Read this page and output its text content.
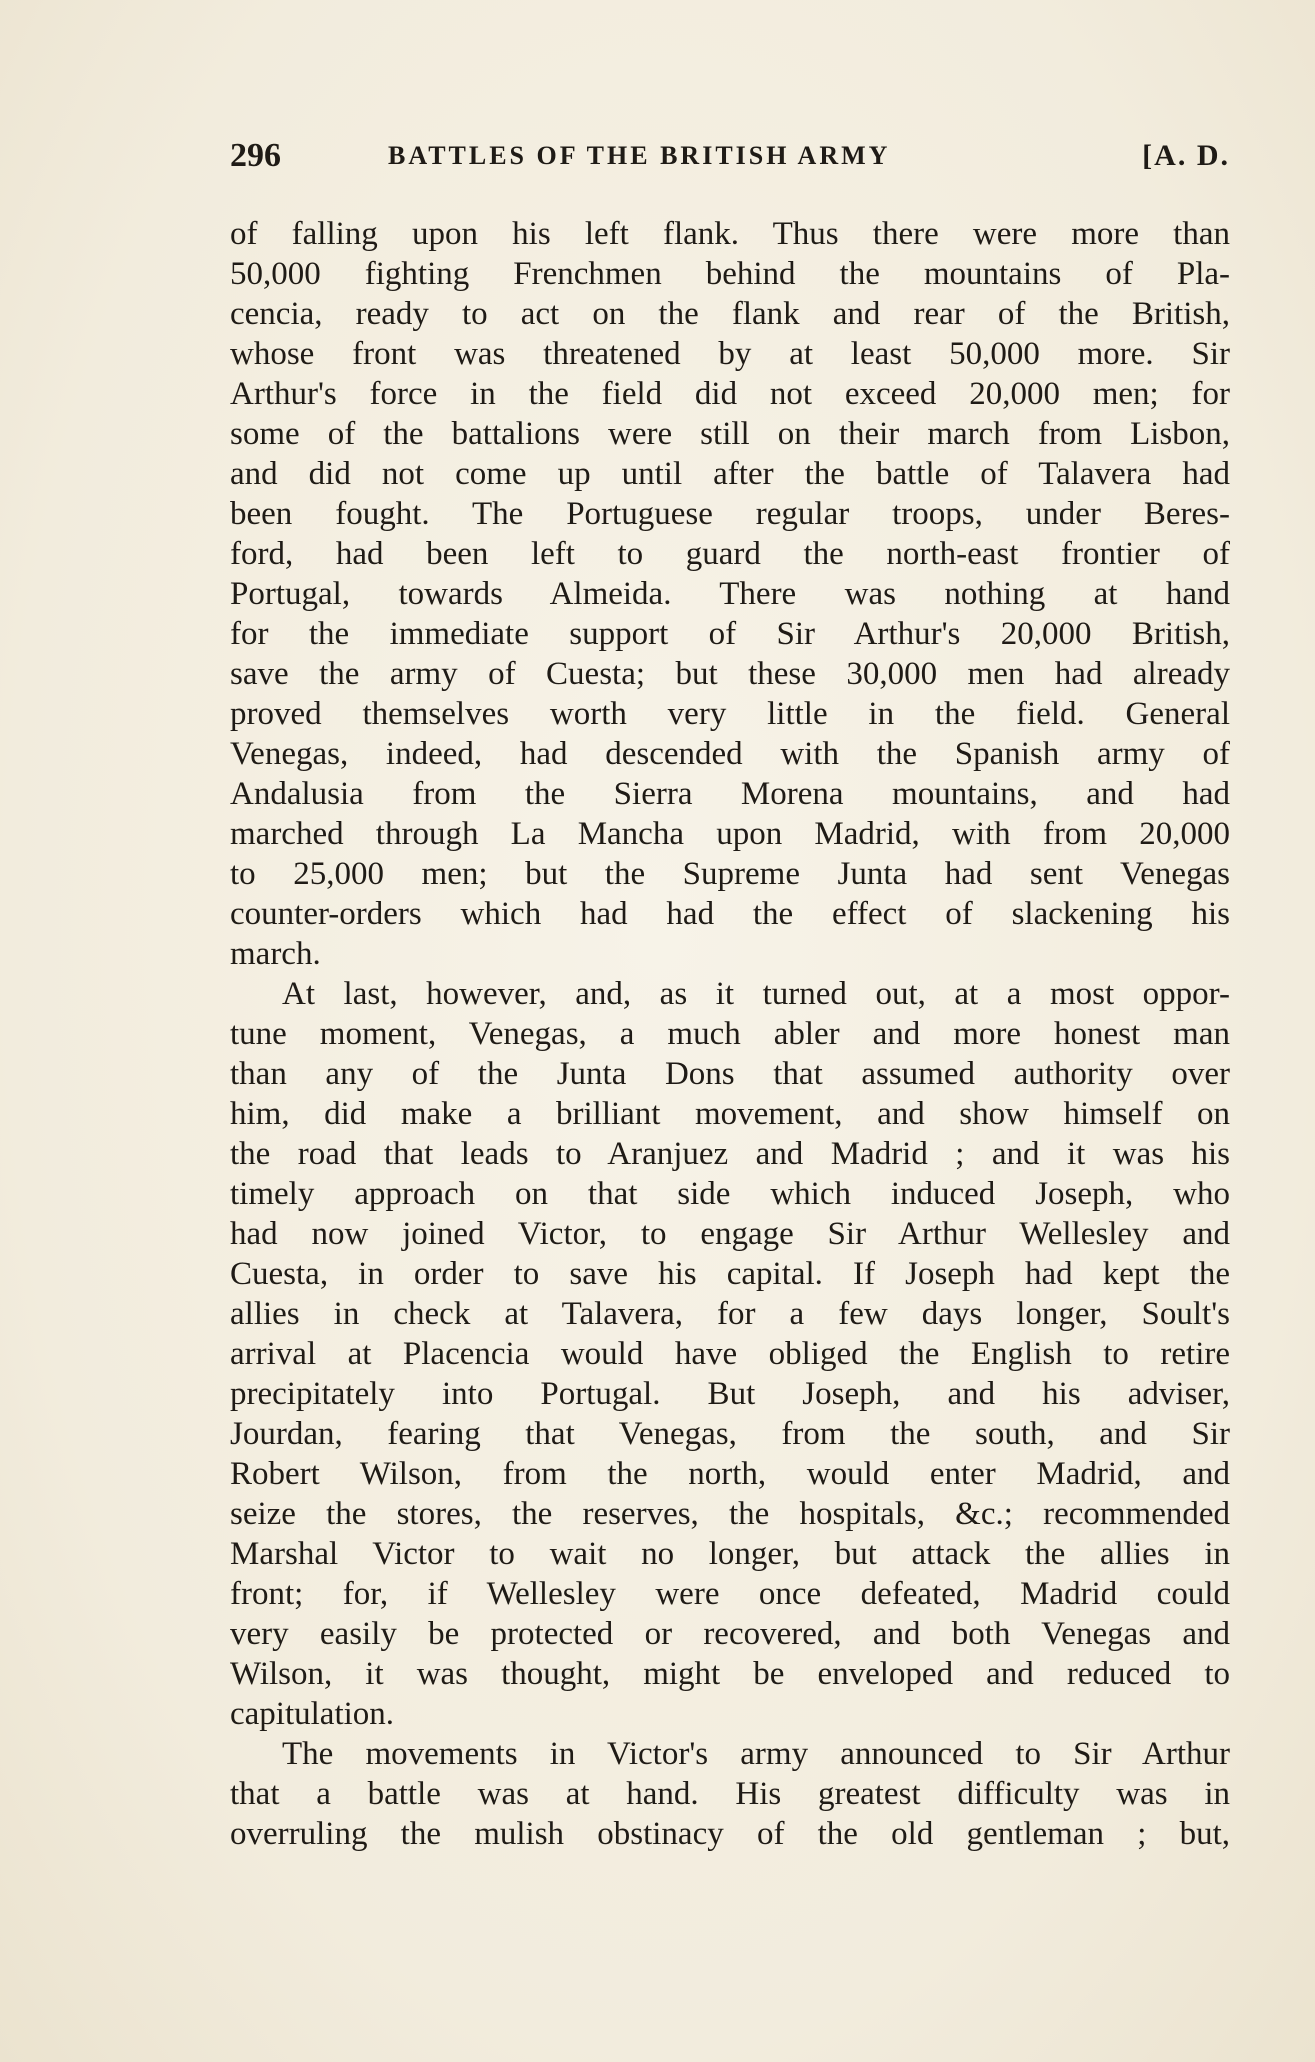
296	BATTLES OF THE BRITISH ARMY	[A. D.
of falling upon his left flank. Thus there were more than
50,000 fighting Frenchmen behind the mountains of Pla-
cencia, ready to act on the flank and rear of the British,
whose front was threatened by at least 50,000 more. Sir
Arthur's force in the field did not exceed 20,000 men; for
some of the battalions were still on their march from Lisbon,
and did not come up until after the battle of Talavera had
been fought. The Portuguese regular troops, under Beres-
ford, had been left to guard the north-east frontier of
Portugal, towards Almeida. There was nothing at hand
for the immediate support of Sir Arthur's 20,000 British,
save the army of Cuesta; but these 30,000 men had already
proved themselves worth very little in the field. General
Venegas, indeed, had descended with the Spanish army of
Andalusia from the Sierra Morena mountains, and had
marched through La Mancha upon Madrid, with from 20,000
to 25,000 men; but the Supreme Junta had sent Venegas
counter-orders which had had the effect of slackening his
march.
At last, however, and, as it turned out, at a most oppor-
tune moment, Venegas, a much abler and more honest man
than any of the Junta Dons that assumed authority over
him, did make a brilliant movement, and show himself on
the road that leads to Aranjuez and Madrid ; and it was his
timely approach on that side which induced Joseph, who
had now joined Victor, to engage Sir Arthur Wellesley and
Cuesta, in order to save his capital. If Joseph had kept the
allies in check at Talavera, for a few days longer, Soult's
arrival at Placencia would have obliged the English to retire
precipitately into Portugal. But Joseph, and his adviser,
Jourdan, fearing that Venegas, from the south, and Sir
Robert Wilson, from the north, would enter Madrid, and
seize the stores, the reserves, the hospitals, &c.; recommended
Marshal Victor to wait no longer, but attack the allies in
front; for, if Wellesley were once defeated, Madrid could
very easily be protected or recovered, and both Venegas and
Wilson, it was thought, might be enveloped and reduced to
capitulation.
The movements in Victor's army announced to Sir Arthur
that a battle was at hand. His greatest difficulty was in
overruling the mulish obstinacy of the old gentleman ; but,
